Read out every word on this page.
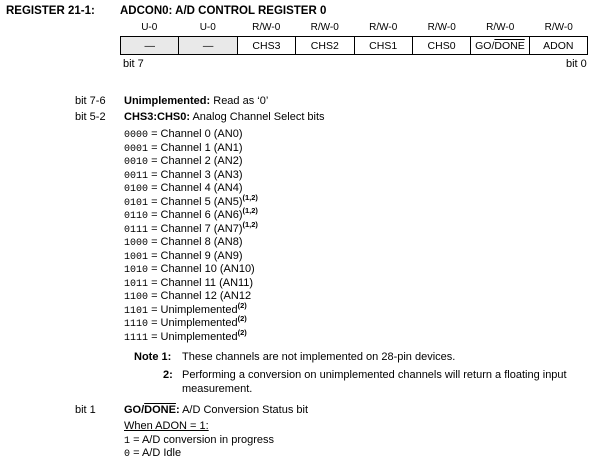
REGISTER 21-1: ADCON0: A/D CONTROL REGISTER 0
U-0	U-0	R/W-0	R/W-0	R/W-0	R/W-0	R/W-0	R/W-0
—	—	CHS3	CHS2	CHS1	CHS0	GO/DONE	ADON
bit 7	bit 0
bit 7-6 Unimplemented: Read as ‘0’
bit 5-2 CHS3:CHS0: Analog Channel Select bits
0000 = Channel 0 (AN0)
0001 = Channel 1 (AN1)
0010 = Channel 2 (AN2)
0011 = Channel 3 (AN3)
0100 = Channel 4 (AN4)
0101 = Channel 5 $(AN5)^{(1,2)}$
0110 = Channel 6 $(AN6)^{(1,2)}$
0111 = Channel 7 $(AN7)^{(1,2)}$
1000 = Channel 8 (AN8)
1001 = Channel 9 (AN9)
1010 = Channel 10 (AN10)
1011 = Channel 11 (AN11)
1100 = Channel 12 (AN12
1101 = Unimplemented$^{(2)}$
1110 = Unimplemented$^{(2)}$
1111 = Unimplemented$^{(2)}$
Note 1: These channels are not implemented on 28-pin devices.
2: Performing a conversion on unimplemented channels will return a floating input
measurement.
bit 1	GO/DONE: A/D Conversion Status bit
When ADON = 1:
1 = A/D conversion in progress
0 = A/D Idle
